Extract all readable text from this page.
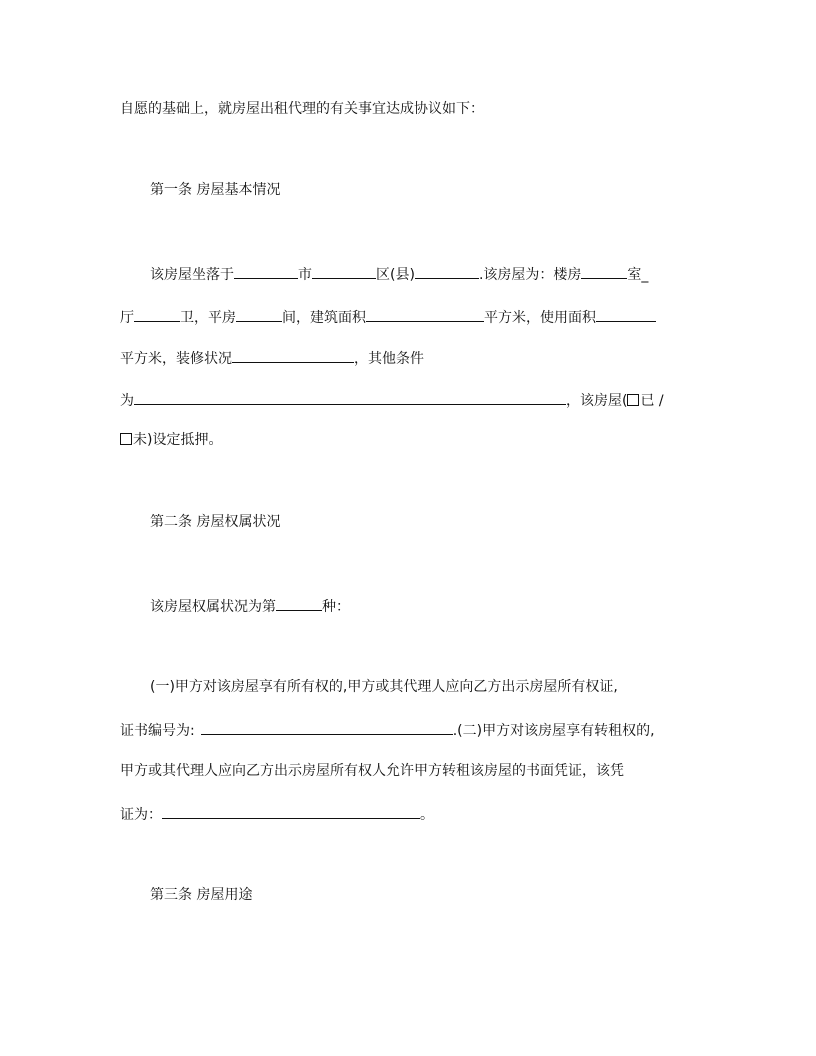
自愿的基础上，就房屋出租代理的有关事宜达成协议如下：
第一条 房屋基本情况
该房屋坐落于	市	区(县)	.该房屋为：楼房	室_
厅	卫，平房	间，建筑面积	平方米，使用面积
平方米，装修状况	，其他条件
为	，该房屋( 已 /
未)设定抵押。
第二条 房屋权属状况
该房屋权属状况为第	种：
(一)甲方对该房屋享有所有权的,甲方或其代理人应向乙方出示房屋所有权证,
证书编号为:	.(二)甲方对该房屋享有转租权的,
甲方或其代理人应向乙方出示房屋所有权人允许甲方转租该房屋的书面凭证，该凭
证为：	。
第三条 房屋用途
